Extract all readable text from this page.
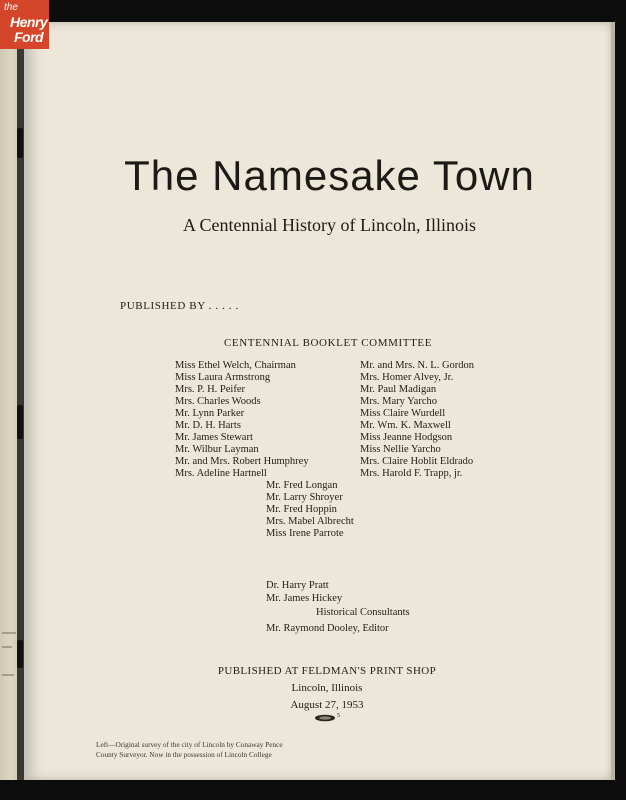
the
Henry
Ford
The Namesake Town
A Centennial History of Lincoln, Illinois
PUBLISHED BY . . . . .
CENTENNIAL BOOKLET COMMITTEE
Miss Ethel Welch, Chairman
Miss Laura Armstrong
Mrs. P. H. Peifer
Mrs. Charles Woods
Mr. Lynn Parker
Mr. D. H. Harts
Mr. James Stewart
Mr. Wilbur Layman
Mr. and Mrs. Robert Humphrey
Mrs. Adeline Hartnell
Mr. and Mrs. N. L. Gordon
Mrs. Homer Alvey, Jr.
Mr. Paul Madigan
Mrs. Mary Yarcho
Miss Claire Wurdell
Mr. Wm. K. Maxwell
Miss Jeanne Hodgson
Miss Nellie Yarcho
Mrs. Claire Hoblit Eldrado
Mrs. Harold F. Trapp, jr.
Mr. Fred Longan
Mr. Larry Shroyer
Mr. Fred Hoppin
Mrs. Mabel Albrecht
Miss Irene Parrote
Dr. Harry Pratt
Mr. James Hickey
Historical Consultants
Mr. Raymond Dooley, Editor
PUBLISHED AT FELDMAN'S PRINT SHOP
Lincoln, Illinois
August 27, 1953
5
Left—Original survey of the city of Lincoln by Conaway Pence
County Surveyor. Now in the possession of Lincoln College
